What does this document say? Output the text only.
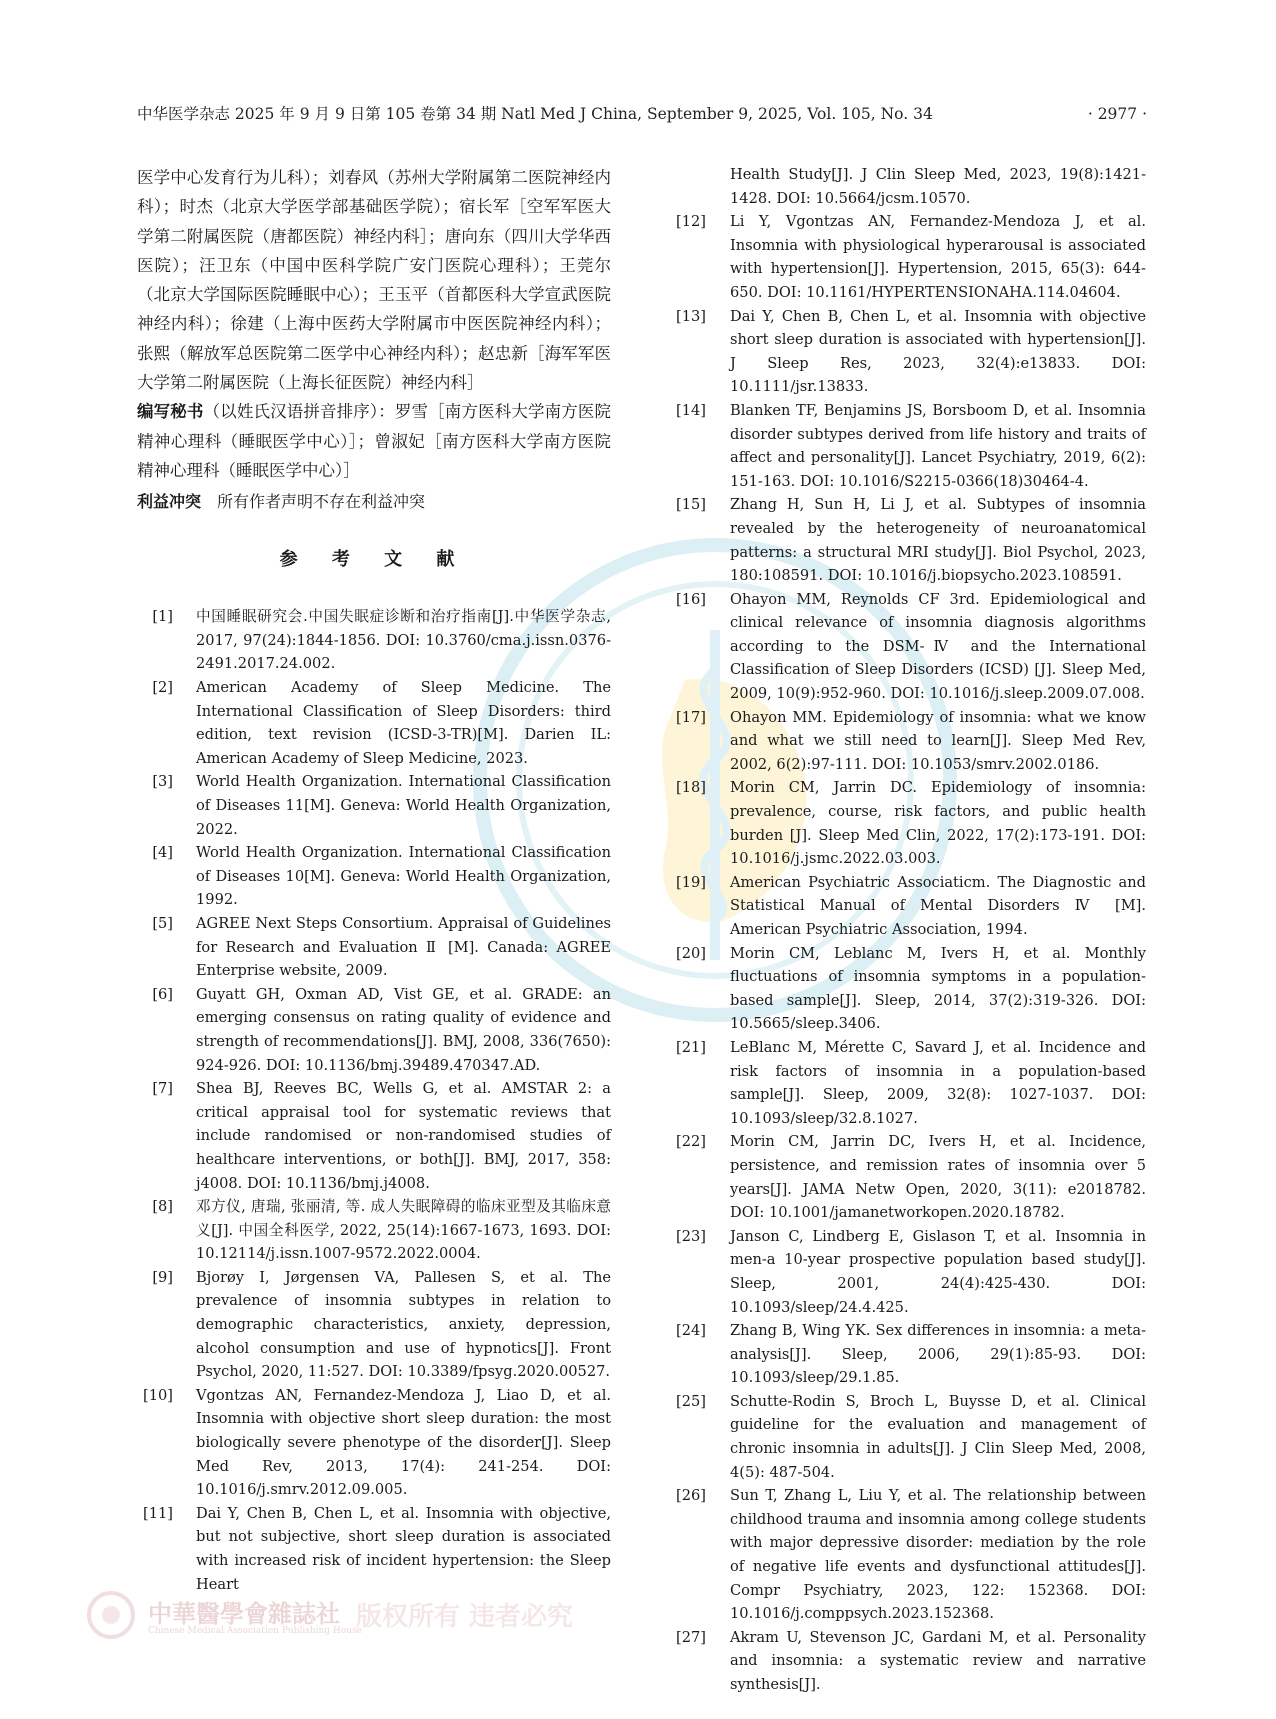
中华医学杂志 2025 年 9 月 9 日第 105 卷第 34 期 Natl Med J China, September 9, 2025, Vol. 105, No. 34	· 2977 ·

医学中心发育行为儿科）；刘春风（苏州大学附属第二医院神经内科）；时杰（北京大学医学部基础医学院）；宿长军［空军军医大学第二附属医院（唐都医院）神经内科］；唐向东（四川大学华西医院）；汪卫东（中国中医科学院广安门医院心理科）；王莞尔（北京大学国际医院睡眠中心）；王玉平（首都医科大学宣武医院神经内科）；徐建（上海中医药大学附属市中医医院神经内科）；张熙（解放军总医院第二医学中心神经内科）；赵忠新［海军军医大学第二附属医院（上海长征医院）神经内科］

编写秘书（以姓氏汉语拼音排序）：罗雪［南方医科大学南方医院精神心理科（睡眠医学中心）］；曾淑妃［南方医科大学南方医院精神心理科（睡眠医学中心）］

利益冲突 所有作者声明不存在利益冲突

参 考 文 献
[1] 中国睡眠研究会.中国失眠症诊断和治疗指南[J].中华医学杂志, 2017, 97(24):1844-1856. DOI: 10.3760/cma.j.issn.0376-2491.2017.24.002.
[2] American Academy of Sleep Medicine. The International Classification of Sleep Disorders: third edition, text revision (ICSD-3-TR)[M]. Darien IL: American Academy of Sleep Medicine, 2023.
[3] World Health Organization. International Classification of Diseases 11[M]. Geneva: World Health Organization, 2022.
[4] World Health Organization. International Classification of Diseases 10[M]. Geneva: World Health Organization, 1992.
[5] AGREE Next Steps Consortium. Appraisal of Guidelines for Research and Evaluation Ⅱ [M]. Canada: AGREE Enterprise website, 2009.
[6] Guyatt GH, Oxman AD, Vist GE, et al. GRADE: an emerging consensus on rating quality of evidence and strength of recommendations[J]. BMJ, 2008, 336(7650): 924-926. DOI: 10.1136/bmj.39489.470347.AD.
[7] Shea BJ, Reeves BC, Wells G, et al. AMSTAR 2: a critical appraisal tool for systematic reviews that include randomised or non-randomised studies of healthcare interventions, or both[J]. BMJ, 2017, 358: j4008. DOI: 10.1136/bmj.j4008.
[8] 邓方仪, 唐瑞, 张丽清, 等. 成人失眠障碍的临床亚型及其临床意义[J]. 中国全科医学, 2022, 25(14):1667-1673, 1693. DOI: 10.12114/j.issn.1007-9572.2022.0004.
[9] Bjorøy I, Jørgensen VA, Pallesen S, et al. The prevalence of insomnia subtypes in relation to demographic characteristics, anxiety, depression, alcohol consumption and use of hypnotics[J]. Front Psychol, 2020, 11:527. DOI: 10.3389/fpsyg.2020.00527.
[10] Vgontzas AN, Fernandez-Mendoza J, Liao D, et al. Insomnia with objective short sleep duration: the most biologically severe phenotype of the disorder[J]. Sleep Med Rev, 2013, 17(4): 241-254. DOI: 10.1016/j.smrv.2012.09.005.
[11] Dai Y, Chen B, Chen L, et al. Insomnia with objective, but not subjective, short sleep duration is associated with increased risk of incident hypertension: the Sleep Heart

Health Study[J]. J Clin Sleep Med, 2023, 19(8):1421-1428. DOI: 10.5664/jcsm.10570.

[12] Li Y, Vgontzas AN, Fernandez-Mendoza J, et al. Insomnia with physiological hyperarousal is associated with hypertension[J]. Hypertension, 2015, 65(3): 644-650. DOI: 10.1161/HYPERTENSIONAHA.114.04604.
[13] Dai Y, Chen B, Chen L, et al. Insomnia with objective short sleep duration is associated with hypertension[J]. J Sleep Res, 2023, 32(4):e13833. DOI: 10.1111/jsr.13833.
[14] Blanken TF, Benjamins JS, Borsboom D, et al. Insomnia disorder subtypes derived from life history and traits of affect and personality[J]. Lancet Psychiatry, 2019, 6(2): 151-163. DOI: 10.1016/S2215-0366(18)30464-4.
[15] Zhang H, Sun H, Li J, et al. Subtypes of insomnia revealed by the heterogeneity of neuroanatomical patterns: a structural MRI study[J]. Biol Psychol, 2023, 180:108591. DOI: 10.1016/j.biopsycho.2023.108591.
[16] Ohayon MM, Reynolds CF 3rd. Epidemiological and clinical relevance of insomnia diagnosis algorithms according to the DSM-Ⅳ and the International Classification of Sleep Disorders (ICSD) [J]. Sleep Med, 2009, 10(9):952-960. DOI: 10.1016/j.sleep.2009.07.008.
[17] Ohayon MM. Epidemiology of insomnia: what we know and what we still need to learn[J]. Sleep Med Rev, 2002, 6(2):97-111. DOI: 10.1053/smrv.2002.0186.
[18] Morin CM, Jarrin DC. Epidemiology of insomnia: prevalence, course, risk factors, and public health burden [J]. Sleep Med Clin, 2022, 17(2):173-191. DOI: 10.1016/j.jsmc.2022.03.003.
[19] American Psychiatric Associaticm. The Diagnostic and Statistical Manual of Mental Disorders Ⅳ [M]. American Psychiatric Association, 1994.
[20] Morin CM, Leblanc M, Ivers H, et al. Monthly fluctuations of insomnia symptoms in a population-based sample[J]. Sleep, 2014, 37(2):319-326. DOI: 10.5665/sleep.3406.
[21] LeBlanc M, Mérette C, Savard J, et al. Incidence and risk factors of insomnia in a population-based sample[J]. Sleep, 2009, 32(8): 1027-1037. DOI: 10.1093/sleep/32.8.1027.
[22] Morin CM, Jarrin DC, Ivers H, et al. Incidence, persistence, and remission rates of insomnia over 5 years[J]. JAMA Netw Open, 2020, 3(11): e2018782. DOI: 10.1001/jamanetworkopen.2020.18782.
[23] Janson C, Lindberg E, Gislason T, et al. Insomnia in men-a 10-year prospective population based study[J]. Sleep, 2001, 24(4):425-430. DOI: 10.1093/sleep/24.4.425.
[24] Zhang B, Wing YK. Sex differences in insomnia: a meta-analysis[J]. Sleep, 2006, 29(1):85-93. DOI: 10.1093/sleep/29.1.85.
[25] Schutte-Rodin S, Broch L, Buysse D, et al. Clinical guideline for the evaluation and management of chronic insomnia in adults[J]. J Clin Sleep Med, 2008, 4(5): 487-504.
[26] Sun T, Zhang L, Liu Y, et al. The relationship between childhood trauma and insomnia among college students with major depressive disorder: mediation by the role of negative life events and dysfunctional attitudes[J]. Compr Psychiatry, 2023, 122: 152368. DOI: 10.1016/j.comppsych.2023.152368.
[27] Akram U, Stevenson JC, Gardani M, et al. Personality and insomnia: a systematic review and narrative synthesis[J].
中華醫學會雜誌社
Chinese Medical Association Publishing House
版权所有 违者必究
